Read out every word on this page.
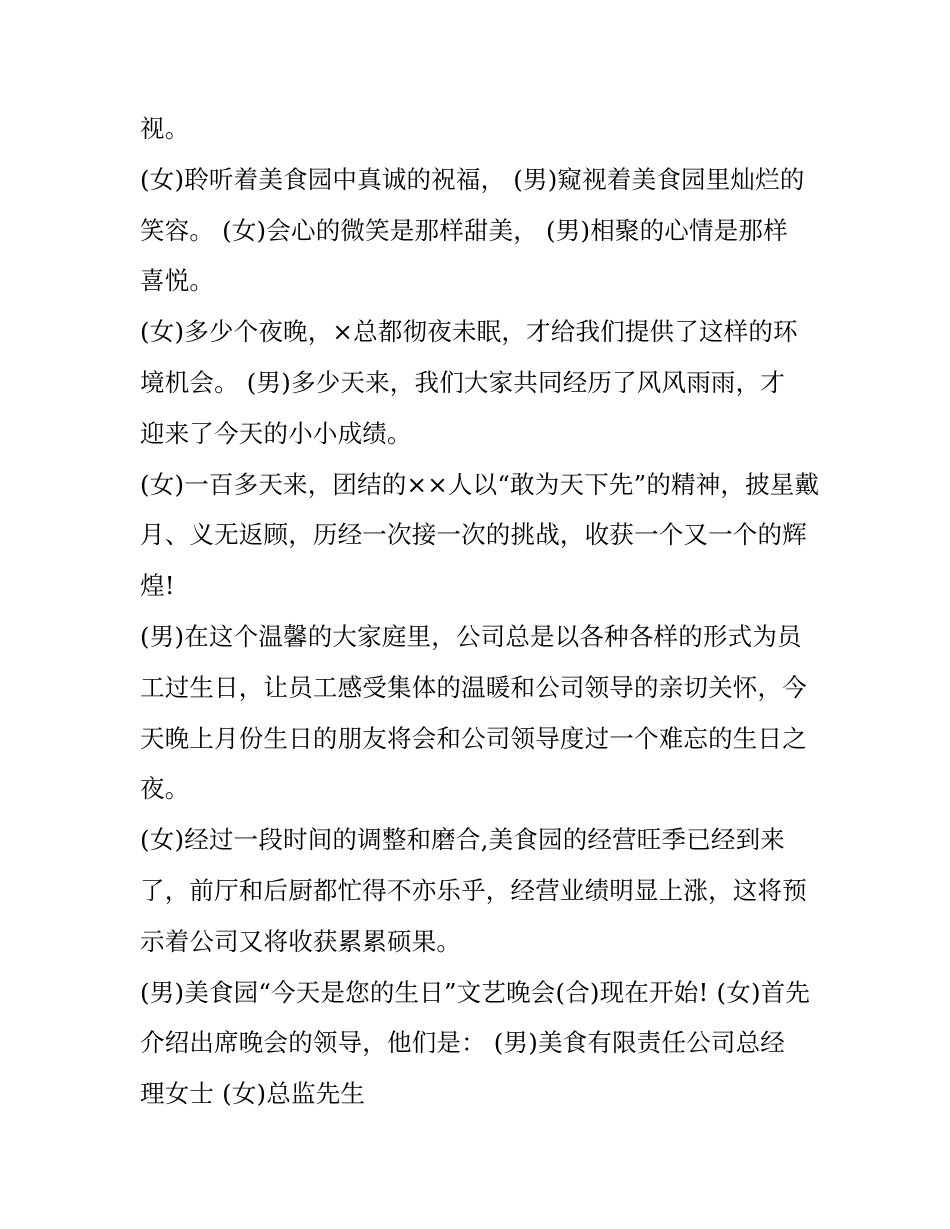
视。
(女)聆听着美食园中真诚的祝福， (男)窥视着美食园里灿烂的
笑容。 (女)会心的微笑是那样甜美， (男)相聚的心情是那样
喜悦。
(女)多少个夜晚，×总都彻夜未眠，才给我们提供了这样的环
境机会。 (男)多少天来，我们大家共同经历了风风雨雨，才
迎来了今天的小小成绩。
(女)一百多天来，团结的××人以“敢为天下先”的精神，披星戴
月、义无返顾，历经一次接一次的挑战，收获一个又一个的辉
煌!
(男)在这个温馨的大家庭里，公司总是以各种各样的形式为员
工过生日，让员工感受集体的温暖和公司领导的亲切关怀，今
天晚上月份生日的朋友将会和公司领导度过一个难忘的生日之
夜。
(女)经过一段时间的调整和磨合,美食园的经营旺季已经到来
了，前厅和后厨都忙得不亦乐乎，经营业绩明显上涨，这将预
示着公司又将收获累累硕果。
(男)美食园“今天是您的生日”文艺晚会(合)现在开始! (女)首先
介绍出席晚会的领导，他们是： (男)美食有限责任公司总经
理女士 (女)总监先生
